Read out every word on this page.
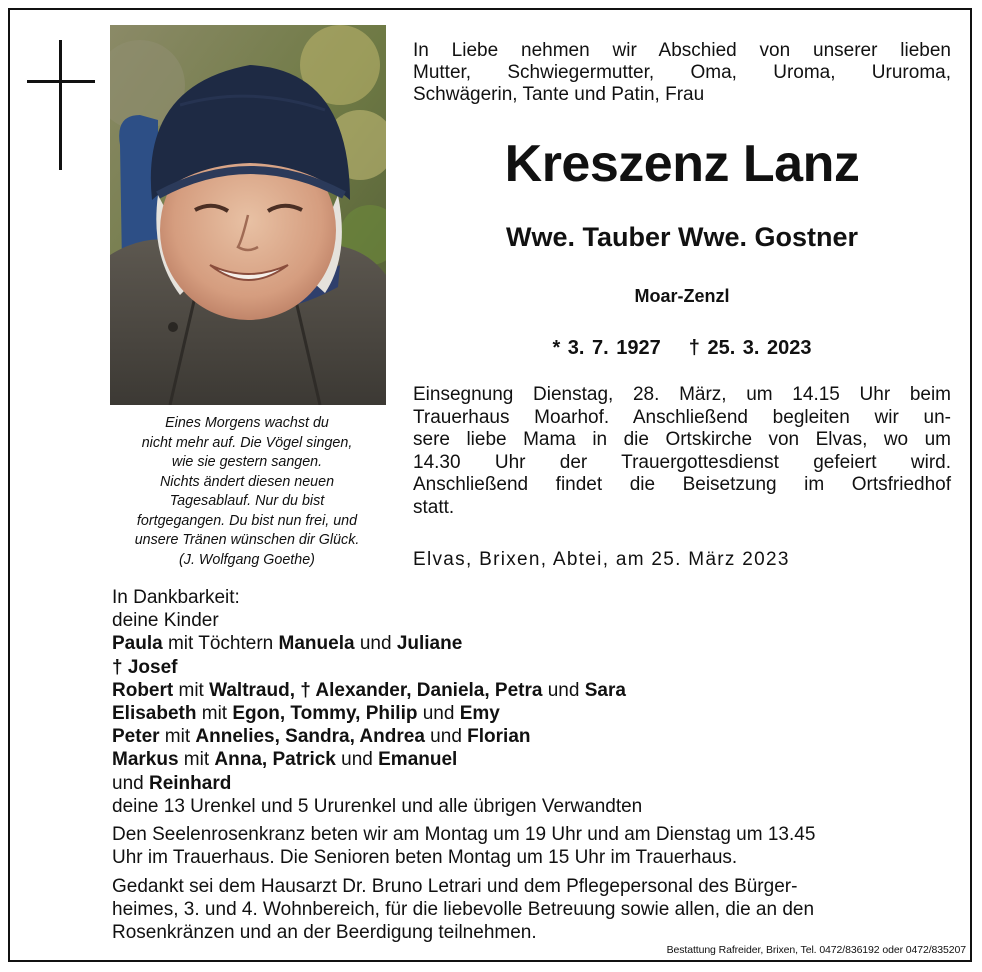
Eines Morgens wachst du
nicht mehr auf. Die Vögel singen,
wie sie gestern sangen.
Nichts ändert diesen neuen
Tagesablauf. Nur du bist
fortgegangen. Du bist nun frei, und
unsere Tränen wünschen dir Glück.
(J. Wolfgang Goethe)
In Liebe nehmen wir Abschied von unserer lieben
Mutter, Schwiegermutter, Oma, Uroma, Ururoma,
Schwägerin, Tante und Patin, Frau
Kreszenz Lanz
Wwe. Tauber Wwe. Gostner
Moar-Zenzl
* 3. 7. 1927 † 25. 3. 2023
Einsegnung Dienstag, 28. März, um 14.15 Uhr beim
Trauerhaus Moarhof. Anschließend begleiten wir un-
sere liebe Mama in die Ortskirche von Elvas, wo um
14.30 Uhr der Trauergottesdienst gefeiert wird.
Anschließend findet die Beisetzung im Ortsfriedhof
statt.
Elvas, Brixen, Abtei, am 25. März 2023
In Dankbarkeit:
deine Kinder
Paula mit Töchtern Manuela und Juliane
† Josef
Robert mit Waltraud, † Alexander, Daniela, Petra und Sara
Elisabeth mit Egon, Tommy, Philip und Emy
Peter mit Annelies, Sandra, Andrea und Florian
Markus mit Anna, Patrick und Emanuel
und Reinhard
deine 13 Urenkel und 5 Ururenkel und alle übrigen Verwandten
Den Seelenrosenkranz beten wir am Montag um 19 Uhr und am Dienstag um 13.45
Uhr im Trauerhaus. Die Senioren beten Montag um 15 Uhr im Trauerhaus.
Gedankt sei dem Hausarzt Dr. Bruno Letrari und dem Pflegepersonal des Bürger-
heimes, 3. und 4. Wohnbereich, für die liebevolle Betreuung sowie allen, die an den
Rosenkränzen und an der Beerdigung teilnehmen.
Bestattung Rafreider, Brixen, Tel. 0472/836192 oder 0472/835207
